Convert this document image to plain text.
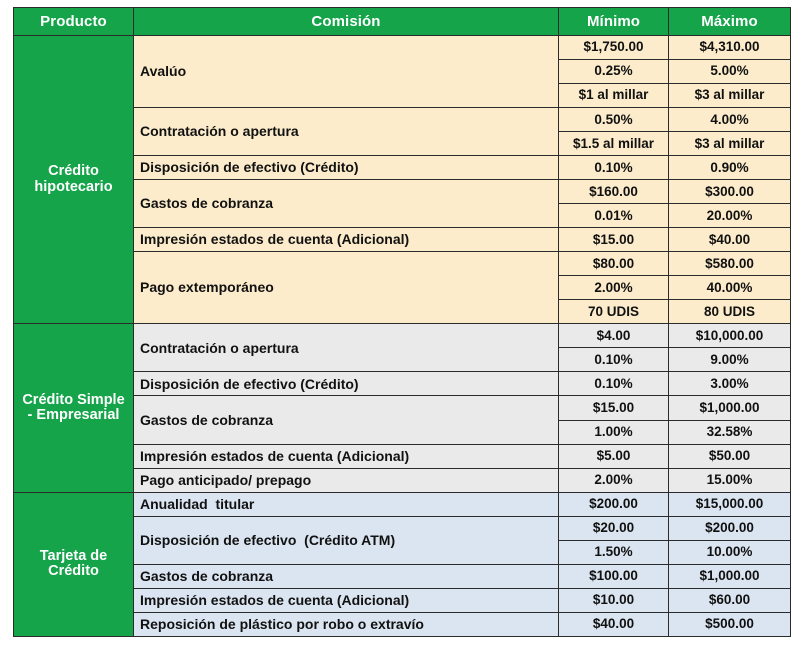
Producto	Comisión	Mínimo	Máximo
Crédito hipotecario	Avalúo	$1,750.00	$4,310.00
		0.25%	5.00%
		$1 al millar	$3 al millar
	Contratación o apertura	0.50%	4.00%
		$1.5 al millar	$3 al millar
	Disposición de efectivo (Crédito)	0.10%	0.90%
	Gastos de cobranza	$160.00	$300.00
		0.01%	20.00%
	Impresión estados de cuenta (Adicional)	$15.00	$40.00
	Pago extemporáneo	$80.00	$580.00
		2.00%	40.00%
		70 UDIS	80 UDIS
Crédito Simple - Empresarial	Contratación o apertura	$4.00	$10,000.00
		0.10%	9.00%
	Disposición de efectivo (Crédito)	0.10%	3.00%
	Gastos de cobranza	$15.00	$1,000.00
		1.00%	32.58%
	Impresión estados de cuenta (Adicional)	$5.00	$50.00
	Pago anticipado/ prepago	2.00%	15.00%
Tarjeta de Crédito	Anualidad  titular	$200.00	$15,000.00
	Disposición de efectivo  (Crédito ATM)	$20.00	$200.00
		1.50%	10.00%
	Gastos de cobranza	$100.00	$1,000.00
	Impresión estados de cuenta (Adicional)	$10.00	$60.00
	Reposición de plástico por robo o extravío	$40.00	$500.00
